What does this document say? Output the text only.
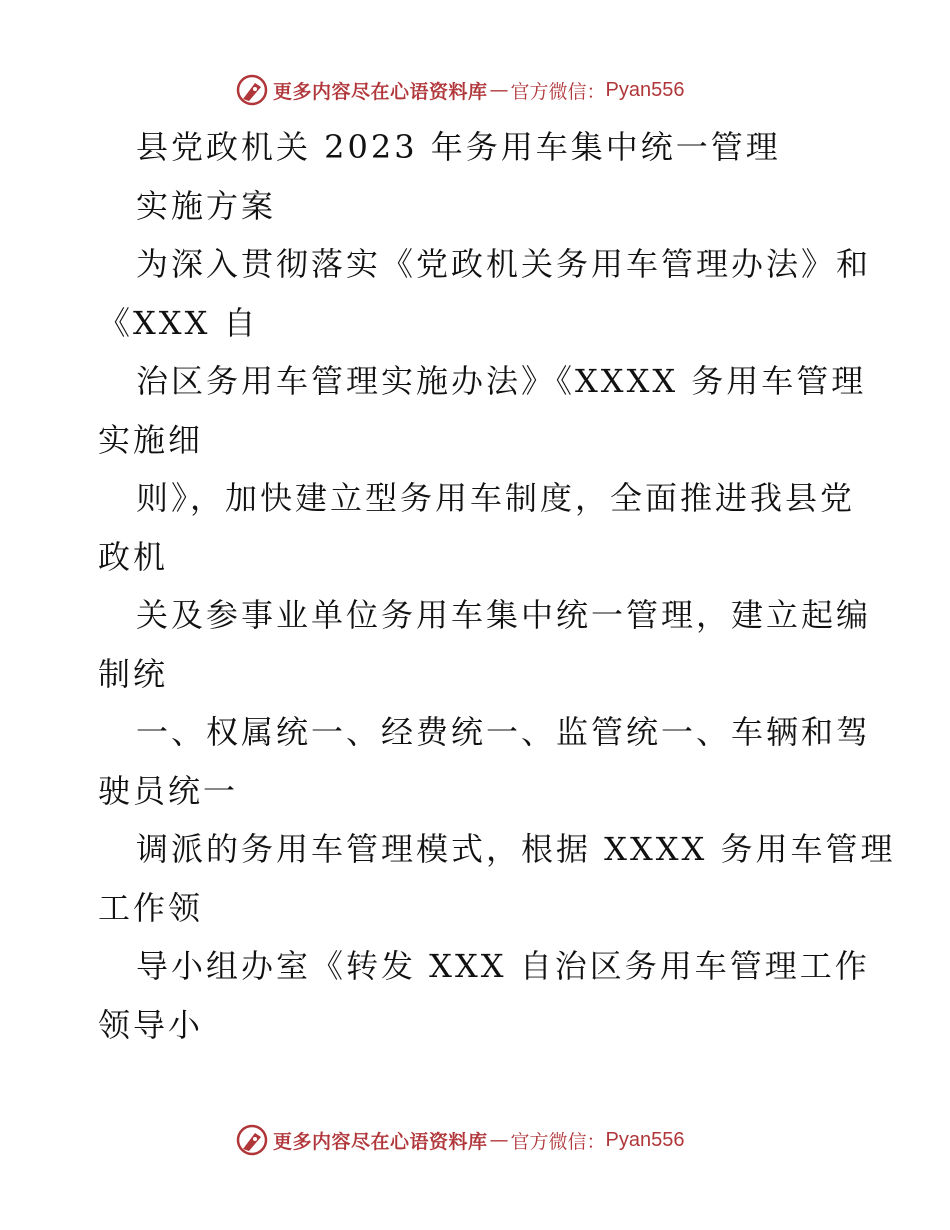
更多内容尽在心语资料库 — 官方微信： Pyan556
县党政机关 2023 年务用车集中统一管理
实施方案
为深入贯彻落实《党政机关务用车管理办法》和
《XXX 自
治区务用车管理实施办法》《XXXX 务用车管理
实施细
则》，加快建立型务用车制度，全面推进我县党
政机
关及参事业单位务用车集中统一管理，建立起编
制统
一、权属统一、经费统一、监管统一、车辆和驾
驶员统一
调派的务用车管理模式，根据 XXXX 务用车管理
工作领
导小组办室《转发 XXX 自治区务用车管理工作
领导小
更多内容尽在心语资料库 — 官方微信： Pyan556
